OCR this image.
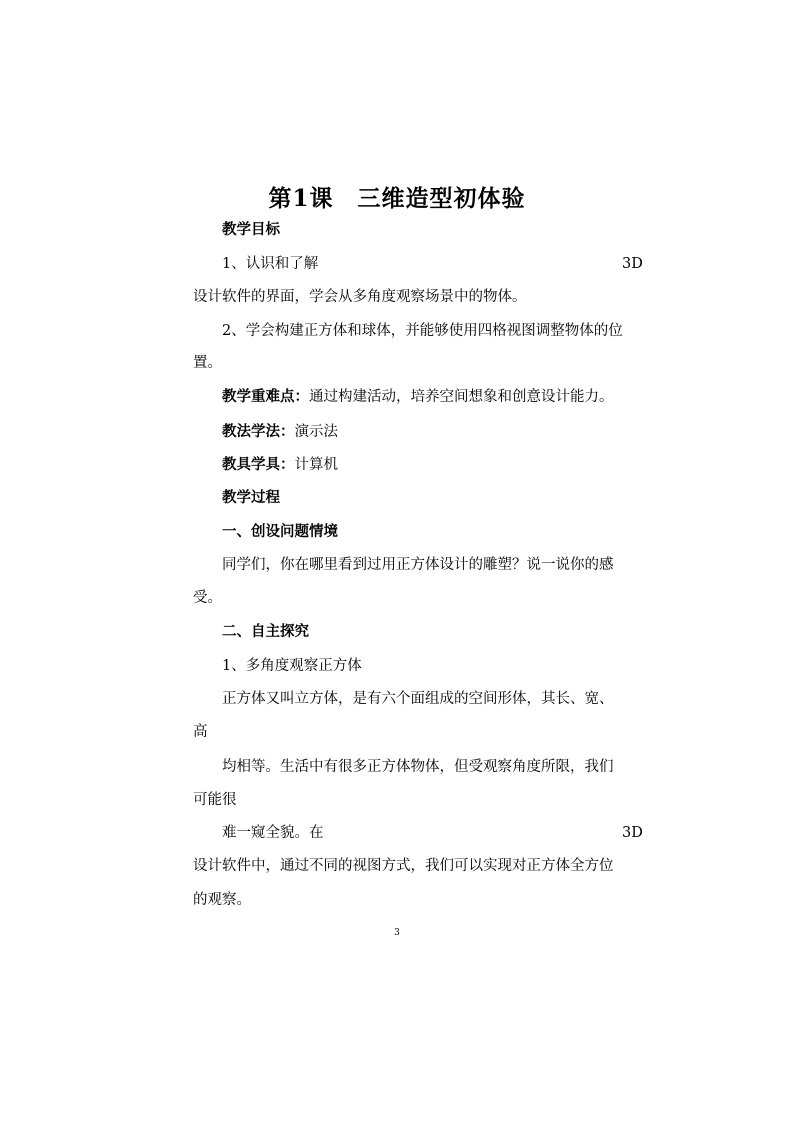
第1课 三维造型初体验
教学目标
1、认识和了解	3D
设计软件的界面，学会从多角度观察场景中的物体。
2、学会构建正方体和球体，并能够使用四格视图调整物体的位
置。
教学重难点：通过构建活动，培养空间想象和创意设计能力。
教法学法：演示法
教具学具：计算机
教学过程
一、创设问题情境
同学们，你在哪里看到过用正方体设计的雕塑？说一说你的感
受。
二、自主探究
1、多角度观察正方体
正方体又叫立方体，是有六个面组成的空间形体，其长、宽、
高
均相等。生活中有很多正方体物体，但受观察角度所限，我们
可能很
难一窥全貌。在	3D
设计软件中，通过不同的视图方式，我们可以实现对正方体全方位
的观察。
3
